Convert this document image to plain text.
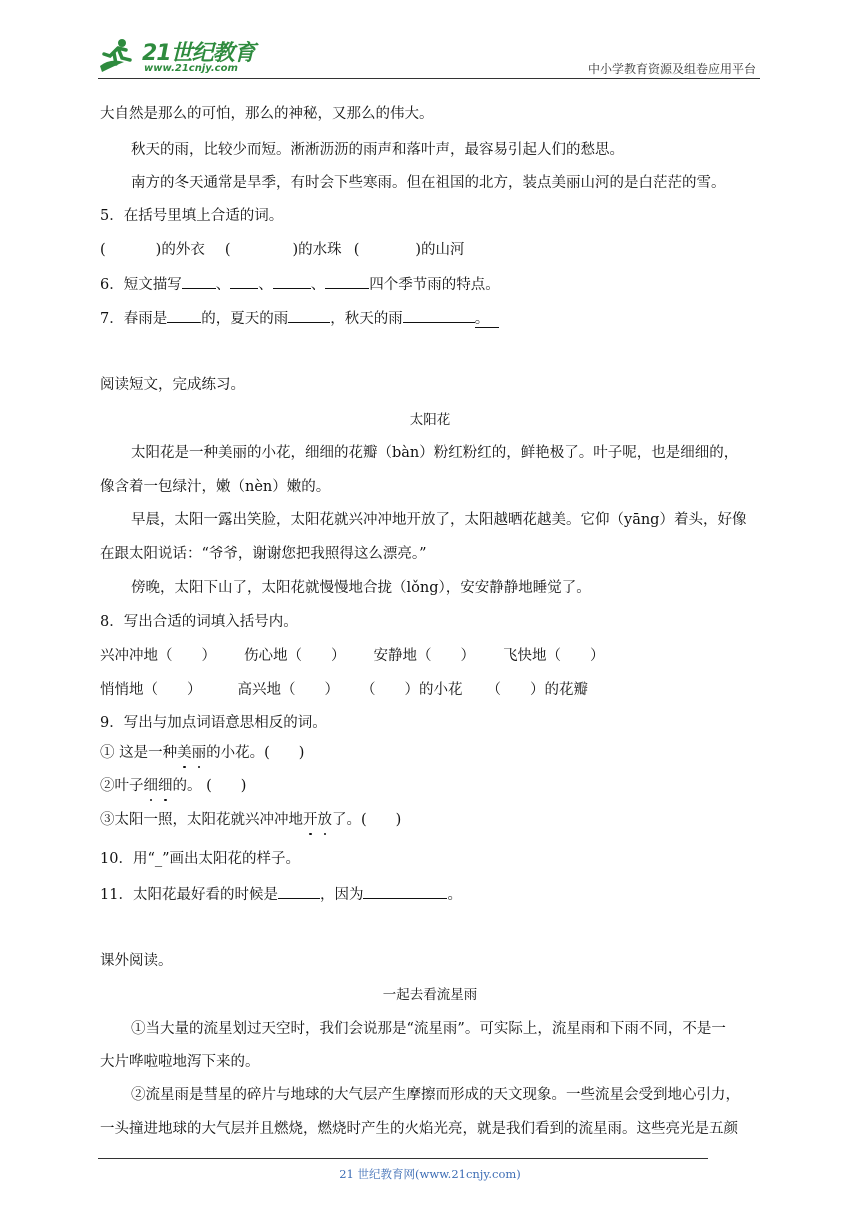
21世纪教育
www.21cnjy.com	中小学教育资源及组卷应用平台
大自然是那么的可怕，那么的神秘，又那么的伟大。
秋天的雨，比较少而短。淅淅沥沥的雨声和落叶声，最容易引起人们的愁思。
南方的冬天通常是旱季，有时会下些寒雨。但在祖国的北方，装点美丽山河的是白茫茫的雪。
5．在括号里填上合适的词。
(	)的外衣 (	)的水珠 (	)的山河
6．短文描写 、 、	、	四个季节雨的特点。
7．春雨是 的，夏天的雨	，秋天的雨	。
阅读短文，完成练习。
太阳花
太阳花是一种美丽的小花，细细的花瓣（bàn）粉红粉红的，鲜艳极了。叶子呢，也是细细的，
像含着一包绿汁，嫩（nèn）嫩的。
早晨，太阳一露出笑脸，太阳花就兴冲冲地开放了，太阳越晒花越美。它仰（yāng）着头，好像
在跟太阳说话：“爷爷，谢谢您把我照得这么漂亮。”
傍晚，太阳下山了，太阳花就慢慢地合拢（lǒng），安安静静地睡觉了。
8．写出合适的词填入括号内。
兴冲冲地（　　） 伤心地（　　） 安静地（　　） 飞快地（　　）
悄悄地（　　） 高兴地（　　） （　　）的小花 （　　）的花瓣
9．写出与加点词语意思相反的词。
① 这是一种美丽的小花。(　　)
②叶子细细的。 (　　)
③太阳一照，太阳花就兴冲冲地开放了。(　　)
10．用“_”画出太阳花的样子。
11．太阳花最好看的时候是	，因为	。
课外阅读。
一起去看流星雨
①当大量的流星划过天空时，我们会说那是“流星雨”。可实际上，流星雨和下雨不同，不是一
大片哗啦啦地泻下来的。
②流星雨是彗星的碎片与地球的大气层产生摩擦而形成的天文现象。一些流星会受到地心引力，
一头撞进地球的大气层并且燃烧，燃烧时产生的火焰光亮，就是我们看到的流星雨。这些亮光是五颜
21 世纪教育网(www.21cnjy.com)
